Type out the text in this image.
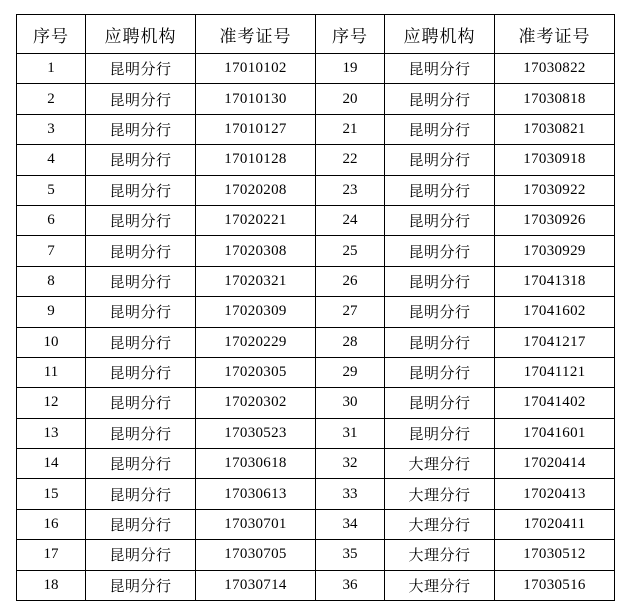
序号	应聘机构	准考证号	序号	应聘机构	准考证号
1	昆明分行	17010102	19	昆明分行	17030822
2	昆明分行	17010130	20	昆明分行	17030818
3	昆明分行	17010127	21	昆明分行	17030821
4	昆明分行	17010128	22	昆明分行	17030918
5	昆明分行	17020208	23	昆明分行	17030922
6	昆明分行	17020221	24	昆明分行	17030926
7	昆明分行	17020308	25	昆明分行	17030929
8	昆明分行	17020321	26	昆明分行	17041318
9	昆明分行	17020309	27	昆明分行	17041602
10	昆明分行	17020229	28	昆明分行	17041217
11	昆明分行	17020305	29	昆明分行	17041121
12	昆明分行	17020302	30	昆明分行	17041402
13	昆明分行	17030523	31	昆明分行	17041601
14	昆明分行	17030618	32	大理分行	17020414
15	昆明分行	17030613	33	大理分行	17020413
16	昆明分行	17030701	34	大理分行	17020411
17	昆明分行	17030705	35	大理分行	17030512
18	昆明分行	17030714	36	大理分行	17030516
